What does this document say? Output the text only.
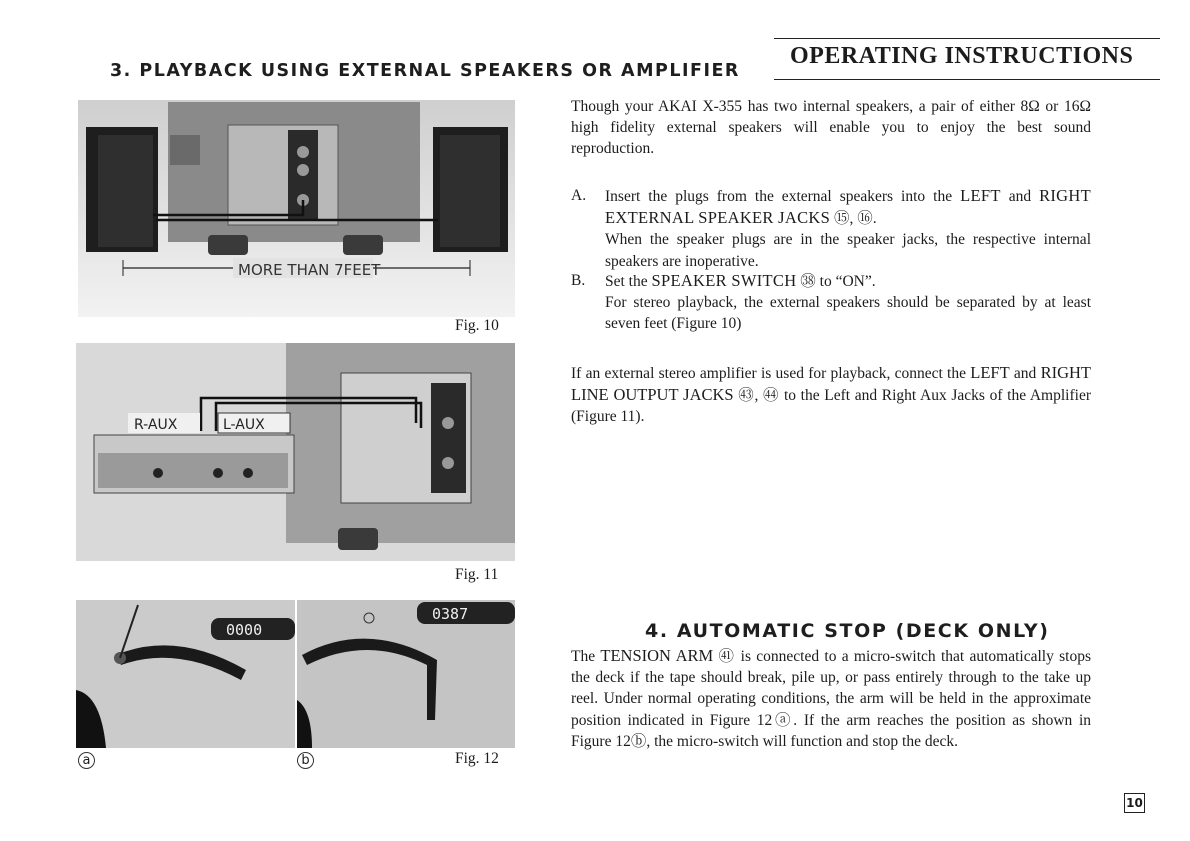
3. PLAYBACK USING EXTERNAL SPEAKERS OR AMPLIFIER
OPERATING INSTRUCTIONS
Though your AKAI X-355 has two internal speakers, a pair of either 8Ω or 16Ω high fidelity external speakers will enable you to enjoy the best sound reproduction.
A. Insert the plugs from the external speakers into the LEFT and RIGHT EXTERNAL SPEAKER JACKS ⑮, ⑯.
When the speaker plugs are in the speaker jacks, the respective internal speakers are inoperative.
B. Set the SPEAKER SWITCH ㊳ to “ON”.
For stereo playback, the external speakers should be separated by at least seven feet (Figure 10)
If an external stereo amplifier is used for playback, connect the LEFT and RIGHT LINE OUTPUT JACKS ㊸, ㊹ to the Left and Right Aux Jacks of the Amplifier (Figure 11).
4. AUTOMATIC STOP (DECK ONLY)
The TENSION ARM ㊶ is connected to a micro-switch that automatically stops the deck if the tape should break, pile up, or pass entirely through to the take up reel. Under normal operating conditions, the arm will be held in the approximate position indicated in Figure 12ⓐ. If the arm reaches the position as shown in Figure 12ⓑ, the micro-switch will function and stop the deck.
MORE THAN 7FEET
Fig. 10
R-AUX	L-AUX
Fig. 11
0000
0387
a	b	Fig. 12
10
